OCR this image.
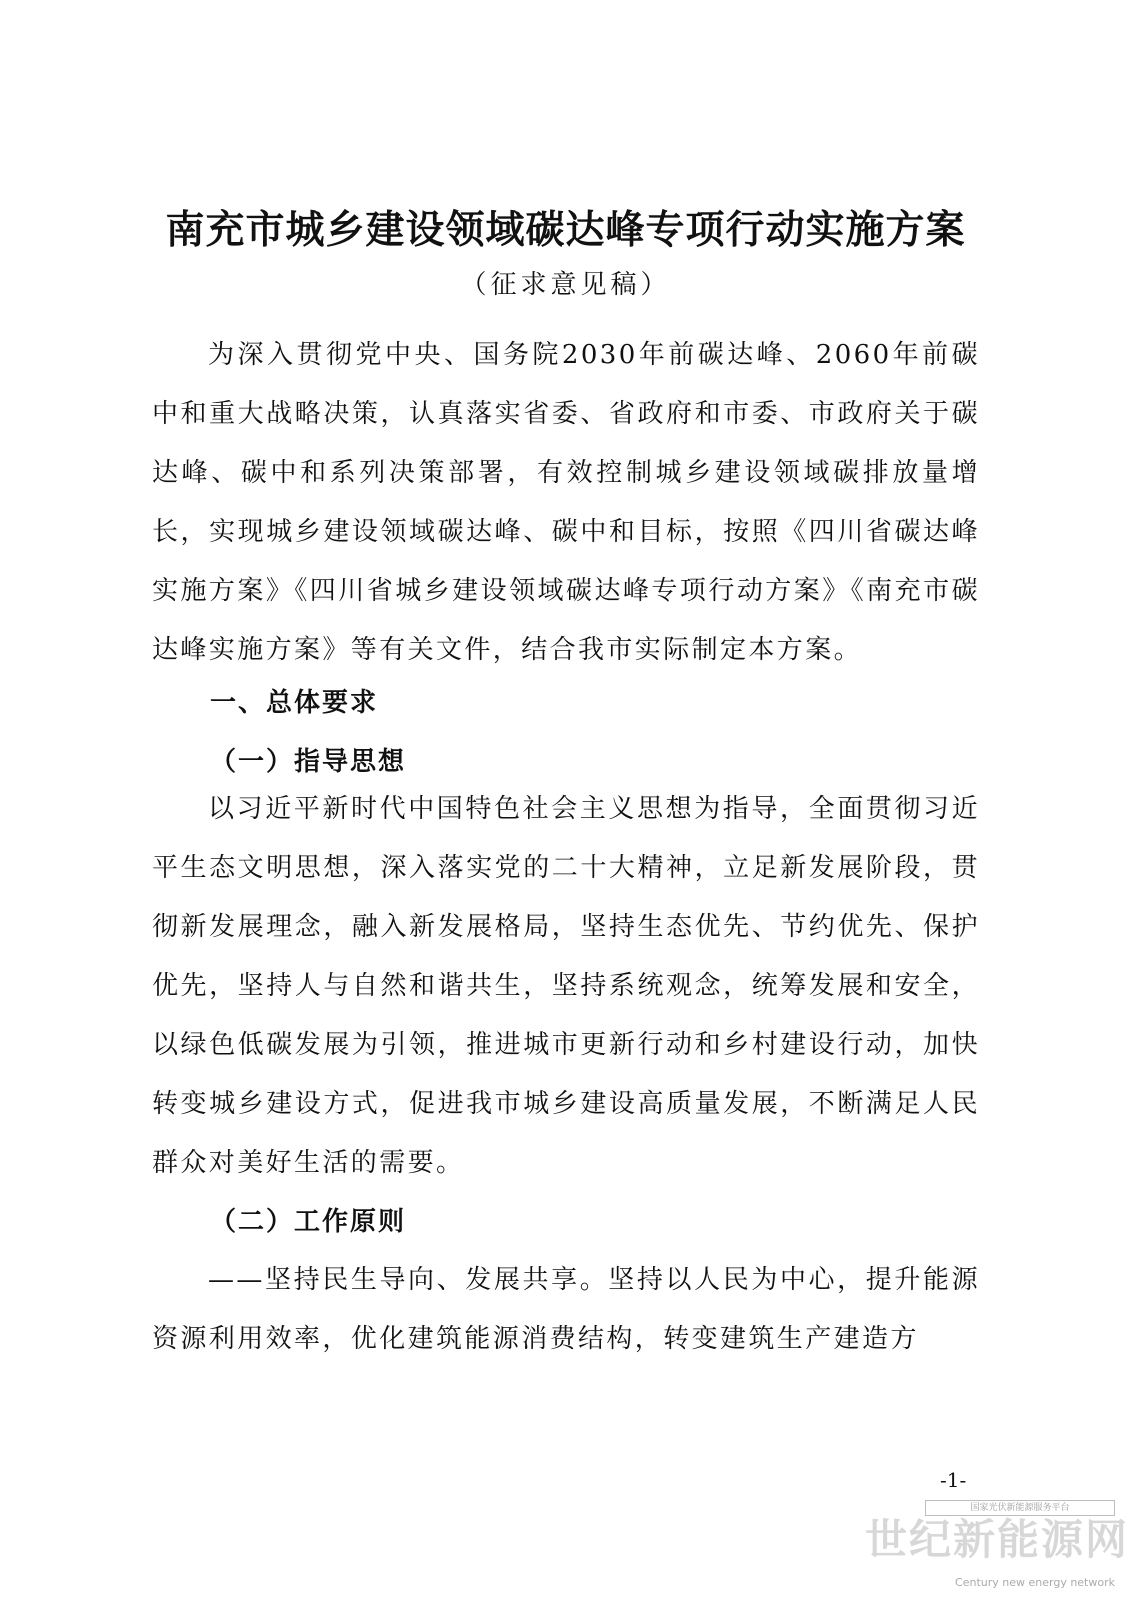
南充市城乡建设领域碳达峰专项行动实施方案
（征求意见稿）

为深入贯彻党中央、国务院2030年前碳达峰、2060年前碳中和重大战略决策，认真落实省委、省政府和市委、市政府关于碳达峰、碳中和系列决策部署，有效控制城乡建设领域碳排放量增长，实现城乡建设领域碳达峰、碳中和目标，按照《四川省碳达峰实施方案》《四川省城乡建设领域碳达峰专项行动方案》《南充市碳达峰实施方案》等有关文件，结合我市实际制定本方案。

一、总体要求
（一）指导思想

以习近平新时代中国特色社会主义思想为指导，全面贯彻习近平生态文明思想，深入落实党的二十大精神，立足新发展阶段，贯彻新发展理念，融入新发展格局，坚持生态优先、节约优先、保护优先，坚持人与自然和谐共生，坚持系统观念，统筹发展和安全，以绿色低碳发展为引领，推进城市更新行动和乡村建设行动，加快转变城乡建设方式，促进我市城乡建设高质量发展，不断满足人民群众对美好生活的需要。

（二）工作原则

——坚持民生导向、发展共享。坚持以人民为中心，提升能源资源利用效率，优化建筑能源消费结构，转变建筑生产建造方

-1-
国家光伏新能源服务平台
世纪新能源网
Century new energy network
